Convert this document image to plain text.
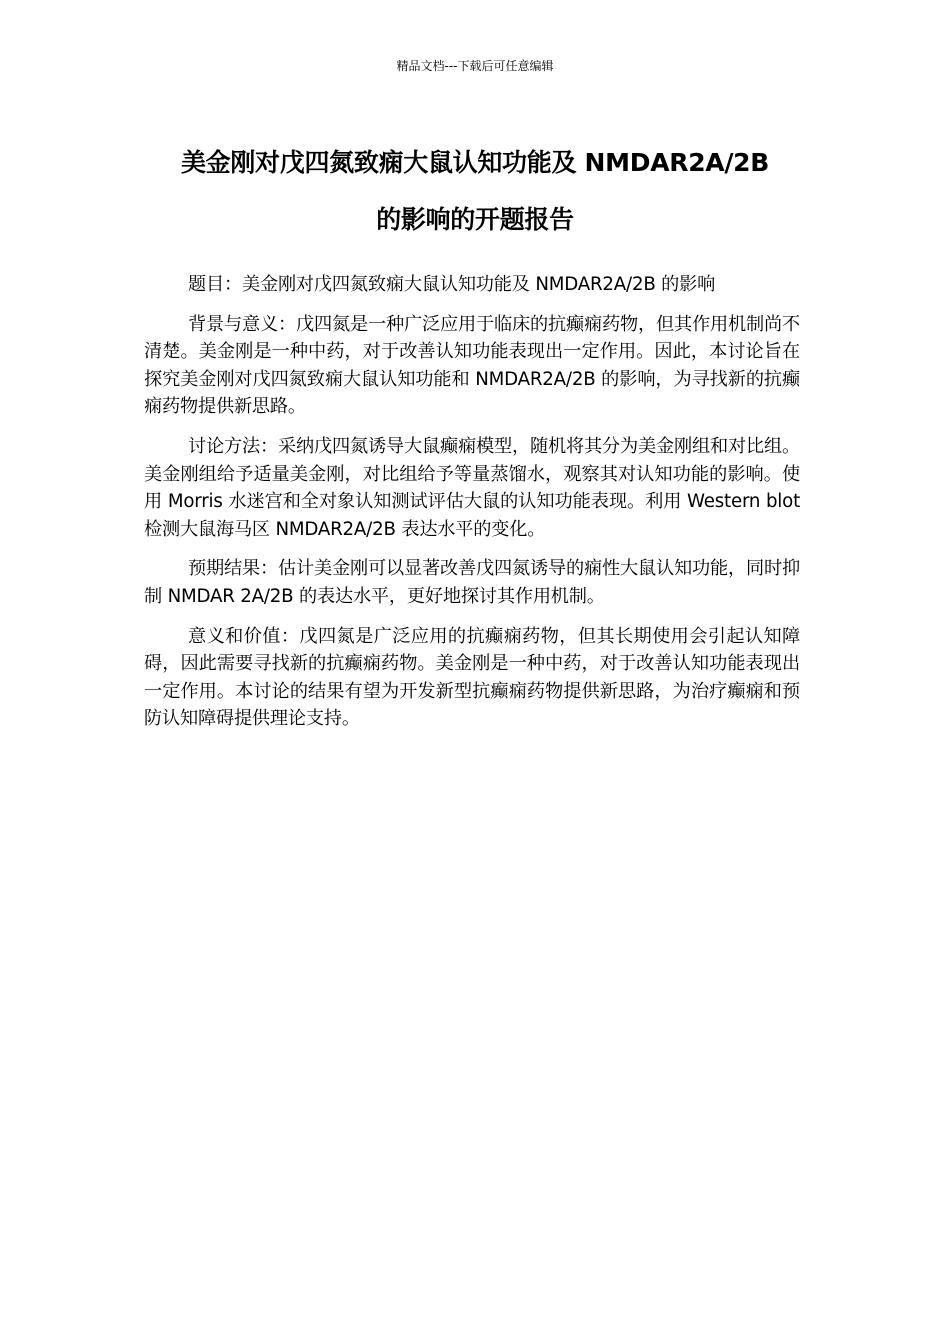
精品文档---下载后可任意编辑
美金刚对戊四氮致痫大鼠认知功能及 NMDAR2A/2B
的影响的开题报告

题目：美金刚对戊四氮致痫大鼠认知功能及 NMDAR2A/2B 的影响

背景与意义：戊四氮是一种广泛应用于临床的抗癫痫药物，但其作用机制尚不清楚。美金刚是一种中药，对于改善认知功能表现出一定作用。因此，本讨论旨在探究美金刚对戊四氮致痫大鼠认知功能和 NMDAR2A/2B 的影响，为寻找新的抗癫痫药物提供新思路。

讨论方法：采纳戊四氮诱导大鼠癫痫模型，随机将其分为美金刚组和对比组。美金刚组给予适量美金刚，对比组给予等量蒸馏水，观察其对认知功能的影响。使用 Morris 水迷宫和全对象认知测试评估大鼠的认知功能表现。利用 Western blot 检测大鼠海马区 NMDAR2A/2B 表达水平的变化。

预期结果：估计美金刚可以显著改善戊四氮诱导的痫性大鼠认知功能，同时抑制 NMDAR 2A/2B 的表达水平，更好地探讨其作用机制。

意义和价值：戊四氮是广泛应用的抗癫痫药物，但其长期使用会引起认知障碍，因此需要寻找新的抗癫痫药物。美金刚是一种中药，对于改善认知功能表现出一定作用。本讨论的结果有望为开发新型抗癫痫药物提供新思路，为治疗癫痫和预防认知障碍提供理论支持。
